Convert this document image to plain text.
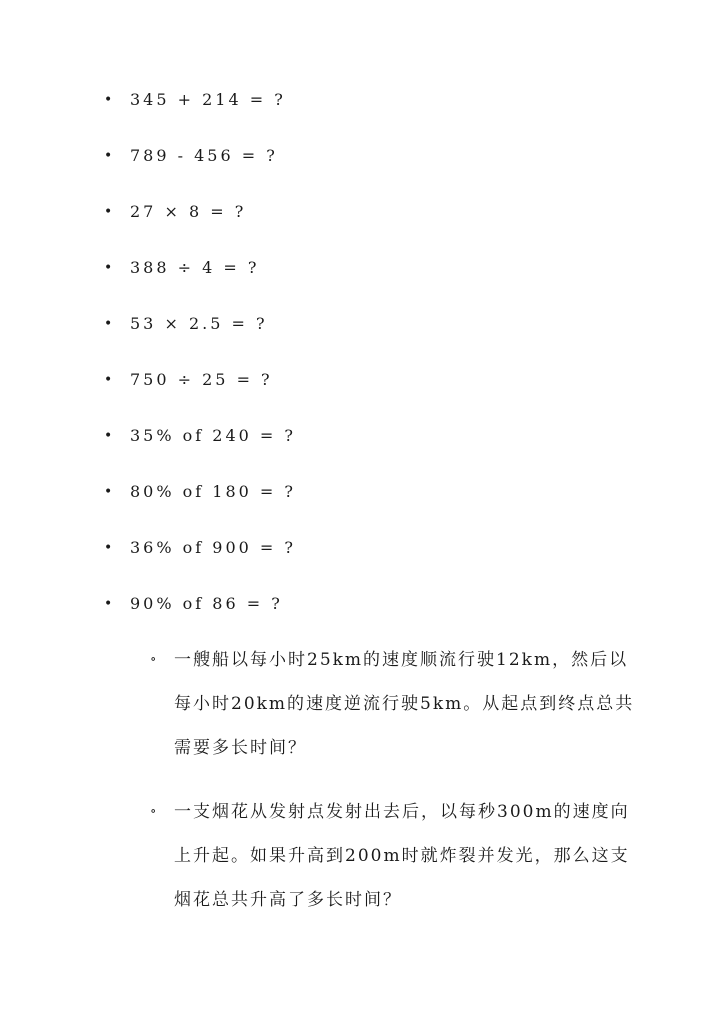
• 345 + 214 = ?
• 789 - 456 = ?
• 27 × 8 = ?
• 388 ÷ 4 = ?
• 53 × 2.5 = ?
• 750 ÷ 25 = ?
• 35% of 240 = ?
• 80% of 180 = ?
• 36% of 900 = ?
• 90% of 86 = ?
∘ 一艘船以每小时25km的速度顺流行驶12km，然后以每小时20km的速度逆流行驶5km。从起点到终点总共需要多长时间？
∘ 一支烟花从发射点发射出去后，以每秒300m的速度向上升起。如果升高到200m时就炸裂并发光，那么这支烟花总共升高了多长时间？
